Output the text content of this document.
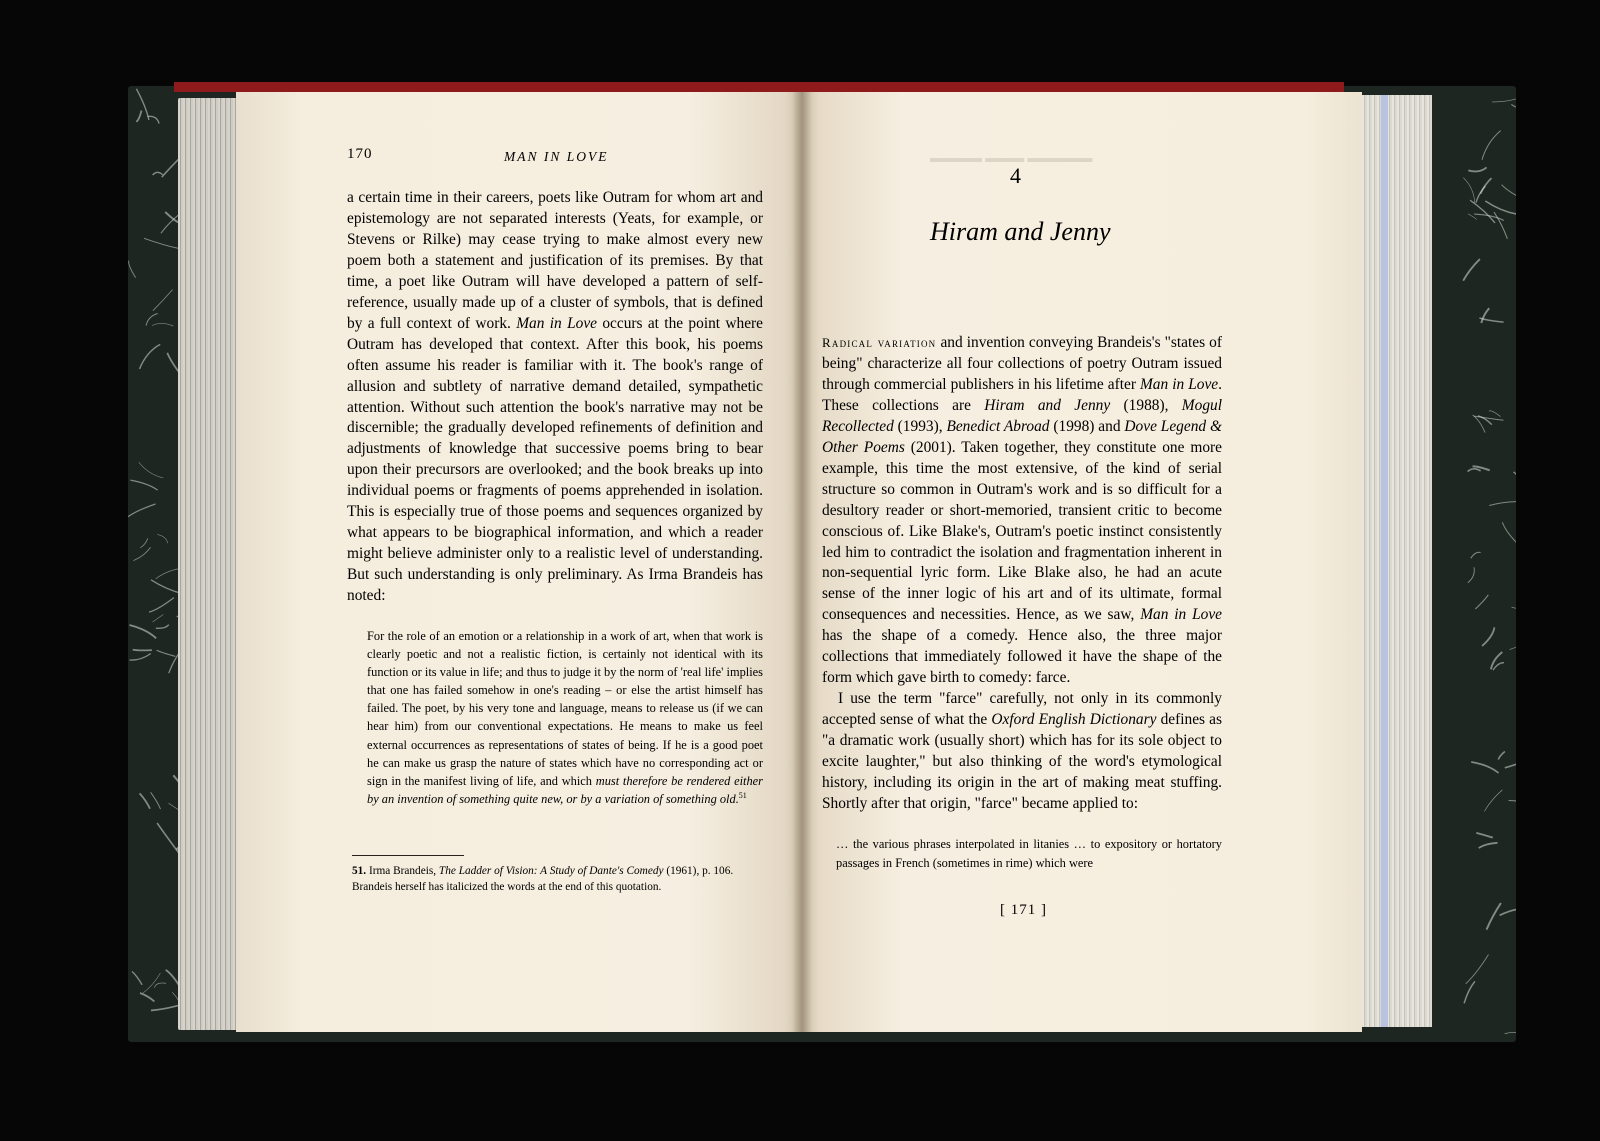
▬▬▬▬ ▬▬▬ ▬▬▬▬▬
170	MAN IN LOVE

a certain time in their careers, poets like Outram for whom art and epistemology are not separated interests (Yeats, for example, or Stevens or Rilke) may cease trying to make almost every new poem both a statement and justification of its premises. By that time, a poet like Outram will have developed a pattern of self-reference, usually made up of a cluster of symbols, that is defined by a full context of work. Man in Love occurs at the point where Outram has developed that context. After this book, his poems often assume his reader is familiar with it. The book's range of allusion and subtlety of narrative demand detailed, sympathetic attention. Without such attention the book's narrative may not be discernible; the gradually developed refinements of definition and adjustments of knowledge that successive poems bring to bear upon their precursors are overlooked; and the book breaks up into individual poems or fragments of poems apprehended in isolation. This is especially true of those poems and sequences organized by what appears to be biographical information, and which a reader might believe administer only to a realistic level of understanding. But such understanding is only preliminary. As Irma Brandeis has noted:

For the role of an emotion or a relationship in a work of art, when that work is clearly poetic and not a realistic fiction, is certainly not identical with its function or its value in life; and thus to judge it by the norm of 'real life' implies that one has failed somehow in one's reading – or else the artist himself has failed. The poet, by his very tone and language, means to release us (if we can hear him) from our conventional expectations. He means to make us feel external occurrences as representations of states of being. If he is a good poet he can make us grasp the nature of states which have no corresponding act or sign in the manifest living of life, and which must therefore be rendered either by an invention of something quite new, or by a variation of something old.$^{51}$

51. Irma Brandeis, The Ladder of Vision: A Study of Dante's Comedy (1961), p. 106. Brandeis herself has italicized the words at the end of this quotation.

4
Hiram and Jenny

Radical variation and invention conveying Brandeis's "states of being" characterize all four collections of poetry Outram issued through commercial publishers in his lifetime after Man in Love. These collections are Hiram and Jenny (1988), Mogul Recollected (1993), Benedict Abroad (1998) and Dove Legend & Other Poems (2001). Taken together, they constitute one more example, this time the most extensive, of the kind of serial structure so common in Outram's work and is so difficult for a desultory reader or short-memoried, transient critic to become conscious of. Like Blake's, Outram's poetic instinct consistently led him to contradict the isolation and fragmentation inherent in non-sequential lyric form. Like Blake also, he had an acute sense of the inner logic of his art and of its ultimate, formal consequences and necessities. Hence, as we saw, Man in Love has the shape of a comedy. Hence also, the three major collections that immediately followed it have the shape of the form which gave birth to comedy: farce.

I use the term "farce" carefully, not only in its commonly accepted sense of what the Oxford English Dictionary defines as "a dramatic work (usually short) which has for its sole object to excite laughter," but also thinking of the word's etymological history, including its origin in the art of making meat stuffing. Shortly after that origin, "farce" became applied to:

… the various phrases interpolated in litanies … to expository or hortatory passages in French (sometimes in rime) which were

[ 171 ]
